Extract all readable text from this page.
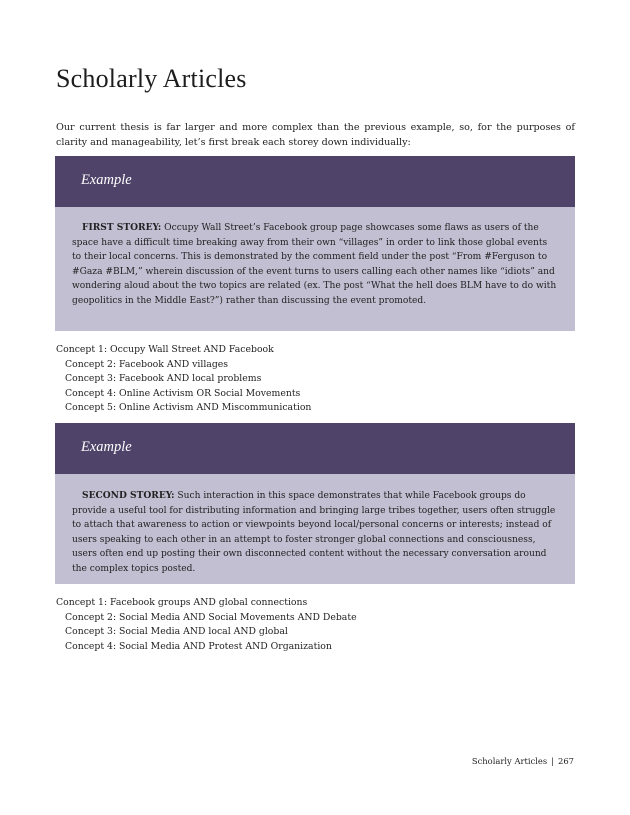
Scholarly Articles

Our current thesis is far larger and more complex than the previous example, so, for the purposes of clarity and manageability, let’s first break each storey down individually:

Example

FIRST STOREY: Occupy Wall Street’s Facebook group page showcases some flaws as users of the space have a difficult time breaking away from their own “villages” in order to link those global events to their local concerns. This is demonstrated by the comment field under the post “From #Ferguson to #Gaza #BLM,” wherein discussion of the event turns to users calling each other names like “idiots” and wondering aloud about the two topics are related (ex. The post “What the hell does BLM have to do with geopolitics in the Middle East?”) rather than discussing the event promoted.

Concept 1: Occupy Wall Street AND Facebook
Concept 2: Facebook AND villages
Concept 3: Facebook AND local problems
Concept 4: Online Activism OR Social Movements
Concept 5: Online Activism AND Miscommunication
Example

SECOND STOREY: Such interaction in this space demonstrates that while Facebook groups do provide a useful tool for distributing information and bringing large tribes together, users often struggle to attach that awareness to action or viewpoints beyond local/personal concerns or interests; instead of users speaking to each other in an attempt to foster stronger global connections and consciousness, users often end up posting their own disconnected content without the necessary conversation around the complex topics posted.

Concept 1: Facebook groups AND global connections
Concept 2: Social Media AND Social Movements AND Debate
Concept 3: Social Media AND local AND global
Concept 4: Social Media AND Protest AND Organization
Scholarly Articles | 267
